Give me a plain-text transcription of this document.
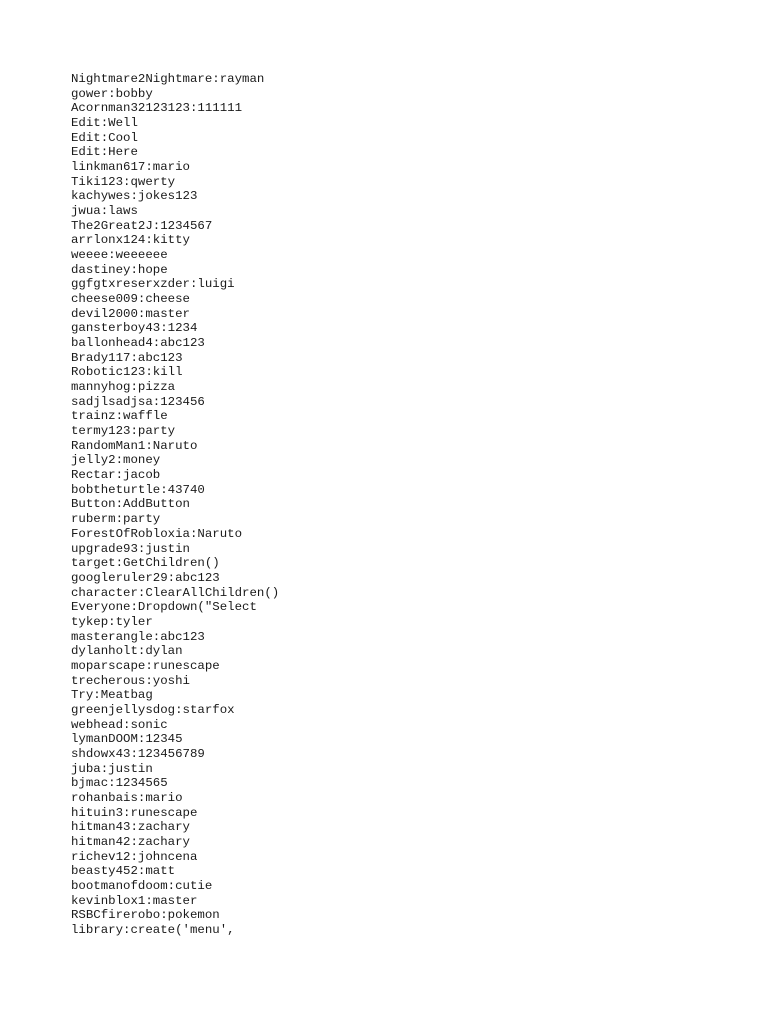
Nightmare2Nightmare:rayman
gower:bobby
Acornman32123123:111111
Edit:Well
Edit:Cool
Edit:Here
linkman617:mario
Tiki123:qwerty
kachywes:jokes123
jwua:laws
The2Great2J:1234567
arrlonx124:kitty
weeee:weeeeee
dastiney:hope
ggfgtxreserxzder:luigi
cheese009:cheese
devil2000:master
gansterboy43:1234
ballonhead4:abc123
Brady117:abc123
Robotic123:kill
mannyhog:pizza
sadjlsadjsa:123456
trainz:waffle
termy123:party
RandomMan1:Naruto
jelly2:money
Rectar:jacob
bobtheturtle:43740
Button:AddButton
ruberm:party
ForestOfRobloxia:Naruto
upgrade93:justin
target:GetChildren()
googleruler29:abc123
character:ClearAllChildren()
Everyone:Dropdown("Select
tykep:tyler
masterangle:abc123
dylanholt:dylan
moparscape:runescape
trecherous:yoshi
Try:Meatbag
greenjellysdog:starfox
webhead:sonic
lymanDOOM:12345
shdowx43:123456789
juba:justin
bjmac:1234565
rohanbais:mario
hituin3:runescape
hitman43:zachary
hitman42:zachary
richev12:johncena
beasty452:matt
bootmanofdoom:cutie
kevinblox1:master
RSBCfirerobo:pokemon
library:create('menu',
